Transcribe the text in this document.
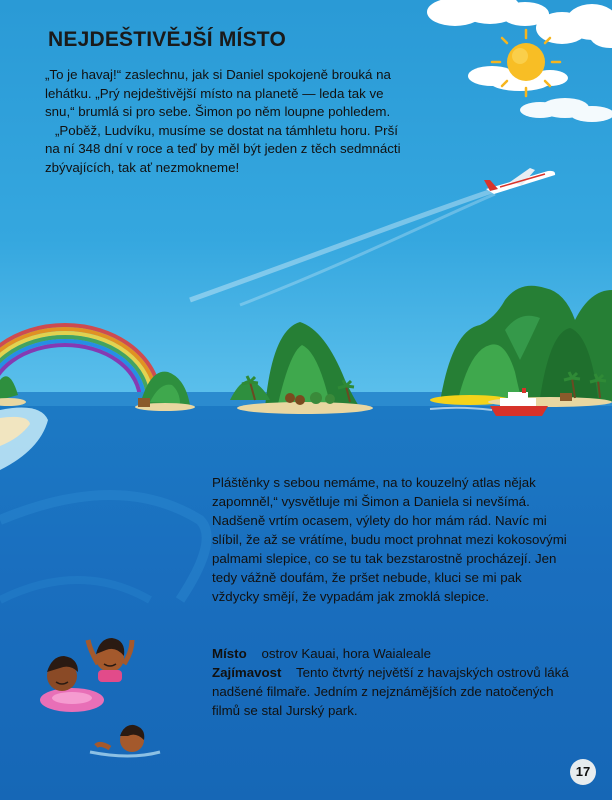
NEJDEŠTIVĚJŠÍ MÍSTO

„To je havaj!“ zaslechnu, jak si Daniel spokojeně brouká na lehátku. „Prý nejdeštivější místo na planetě — leda tak ve snu,“ brumlá si pro sebe. Šimon po něm loupne pohledem.

„Poběž, Ludvíku, musíme se dostat na támhletu horu. Prší na ní 348 dní v roce a teď by měl být jeden z těch sedmnácti zbývajících, tak ať nezmokneme!

Pláštěnky s sebou nemáme, na to kouzelný atlas nějak zapomněl,“ vysvětluje mi Šimon a Daniela si nevšímá. Nadšeně vrtím ocasem, výlety do hor mám rád. Navíc mi slíbil, že až se vrátíme, budu moct prohnat mezi kokosovými palmami slepice, co se tu tak bezstarostně procházejí. Jen tedy vážně doufám, že pršet nebude, kluci se mi pak vždycky smějí, že vypadám jak zmoklá slepice.

Místo ostrov Kauai, hora Waialeale

Zajímavost Tento čtvrtý největší z havajských ostrovů láká nadšené filmaře. Jedním z nejznámějších zde natočených filmů se stal Jurský park.

17
